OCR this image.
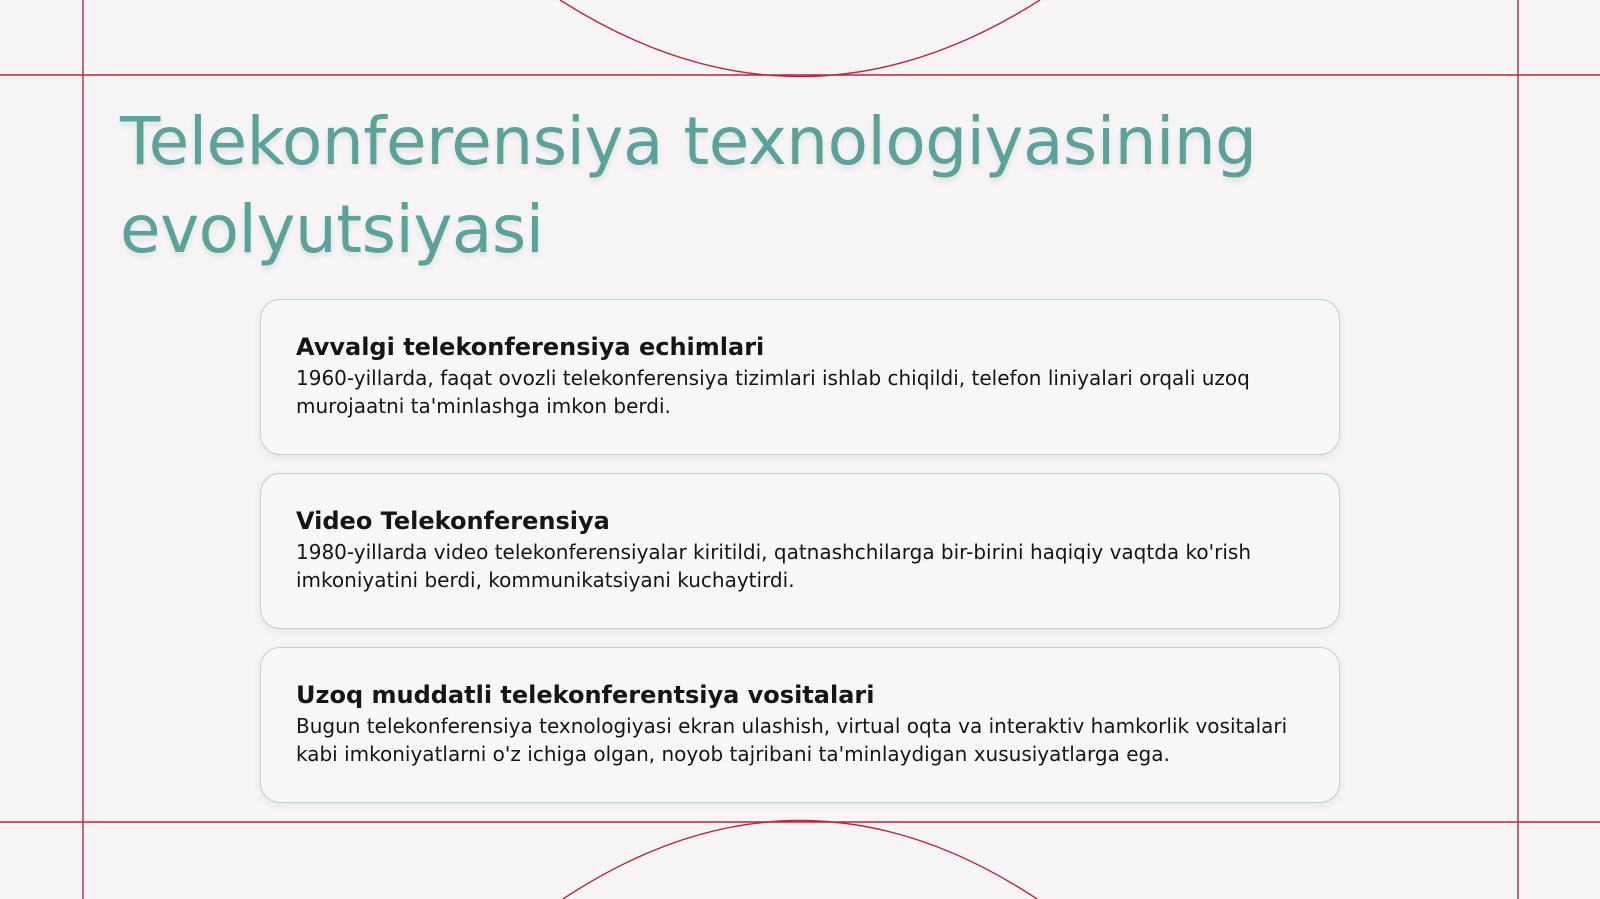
Telekonferensiya texnologiyasining evolyutsiyasi
Avvalgi telekonferensiya echimlari

1960-yillarda, faqat ovozli telekonferensiya tizimlari ishlab chiqildi, telefon liniyalari orqali uzoq murojaatni ta'minlashga imkon berdi.

Video Telekonferensiya

1980-yillarda video telekonferensiyalar kiritildi, qatnashchilarga bir-birini haqiqiy vaqtda ko'rish imkoniyatini berdi, kommunikatsiyani kuchaytirdi.

Uzoq muddatli telekonferentsiya vositalari

Bugun telekonferensiya texnologiyasi ekran ulashish, virtual oqta va interaktiv hamkorlik vositalari kabi imkoniyatlarni o'z ichiga olgan, noyob tajribani ta'minlaydigan xususiyatlarga ega.
